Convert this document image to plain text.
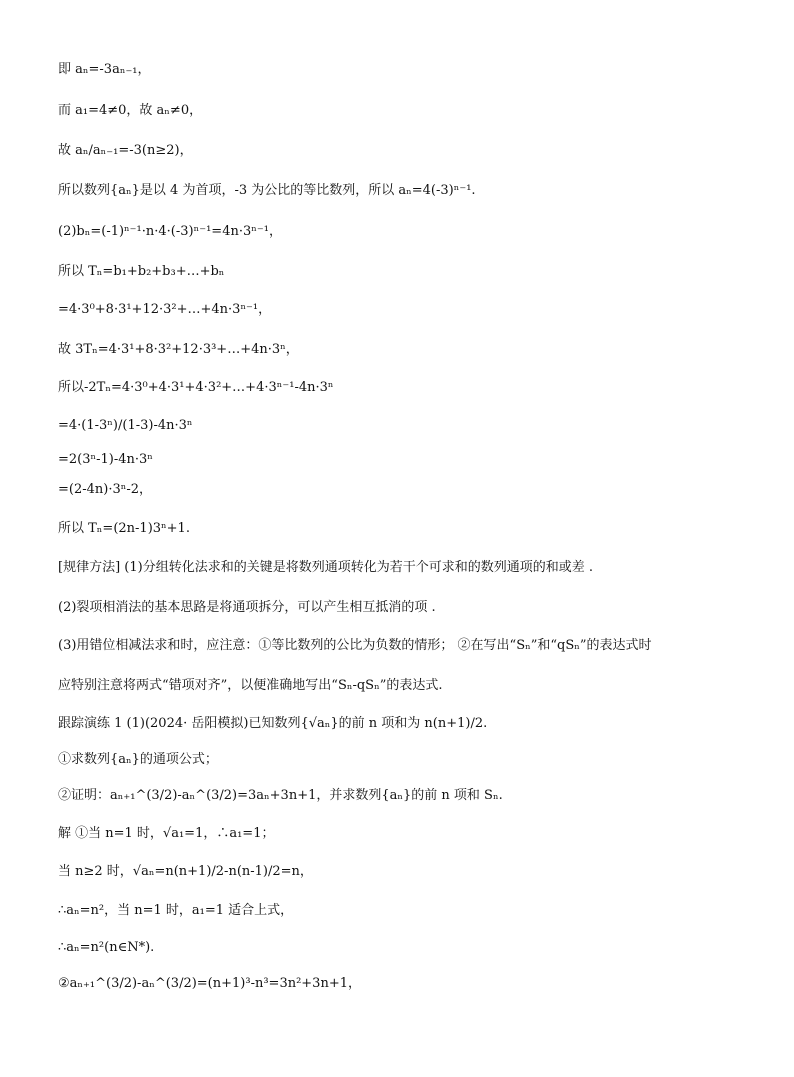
即 aₙ=-3aₙ₋₁，
而 a₁=4≠0，故 aₙ≠0，
故 aₙ/aₙ₋₁=-3(n≥2)，
所以数列{aₙ}是以 4 为首项，-3 为公比的等比数列，所以 aₙ=4(-3)ⁿ⁻¹.
(2)bₙ=(-1)ⁿ⁻¹·n·4·(-3)ⁿ⁻¹=4n·3ⁿ⁻¹，
所以 Tₙ=b₁+b₂+b₃+…+bₙ
=4·3⁰+8·3¹+12·3²+…+4n·3ⁿ⁻¹，
故 3Tₙ=4·3¹+8·3²+12·3³+…+4n·3ⁿ，
所以-2Tₙ=4·3⁰+4·3¹+4·3²+…+4·3ⁿ⁻¹-4n·3ⁿ
=4·(1-3ⁿ)/(1-3)-4n·3ⁿ
=2(3ⁿ-1)-4n·3ⁿ
=(2-4n)·3ⁿ-2，
所以 Tₙ=(2n-1)3ⁿ+1.
[规律方法] (1)分组转化法求和的关键是将数列通项转化为若干个可求和的数列通项的和或差 .
(2)裂项相消法的基本思路是将通项拆分，可以产生相互抵消的项 .
(3)用错位相减法求和时，应注意：①等比数列的公比为负数的情形； ②在写出“Sₙ”和“qSₙ”的表达式时
应特别注意将两式“错项对齐”，以便准确地写出“Sₙ-qSₙ”的表达式.
跟踪演练 1 (1)(2024· 岳阳模拟)已知数列{√aₙ}的前 n 项和为 n(n+1)/2.
①求数列{aₙ}的通项公式；
②证明：aₙ₊₁^(3/2)-aₙ^(3/2)=3aₙ+3n+1，并求数列{aₙ}的前 n 项和 Sₙ.
解 ①当 n=1 时，√a₁=1，∴a₁=1；
当 n≥2 时，√aₙ=n(n+1)/2-n(n-1)/2=n，
∴aₙ=n²，当 n=1 时，a₁=1 适合上式，
∴aₙ=n²(n∈N*).
②aₙ₊₁^(3/2)-aₙ^(3/2)=(n+1)³-n³=3n²+3n+1，
